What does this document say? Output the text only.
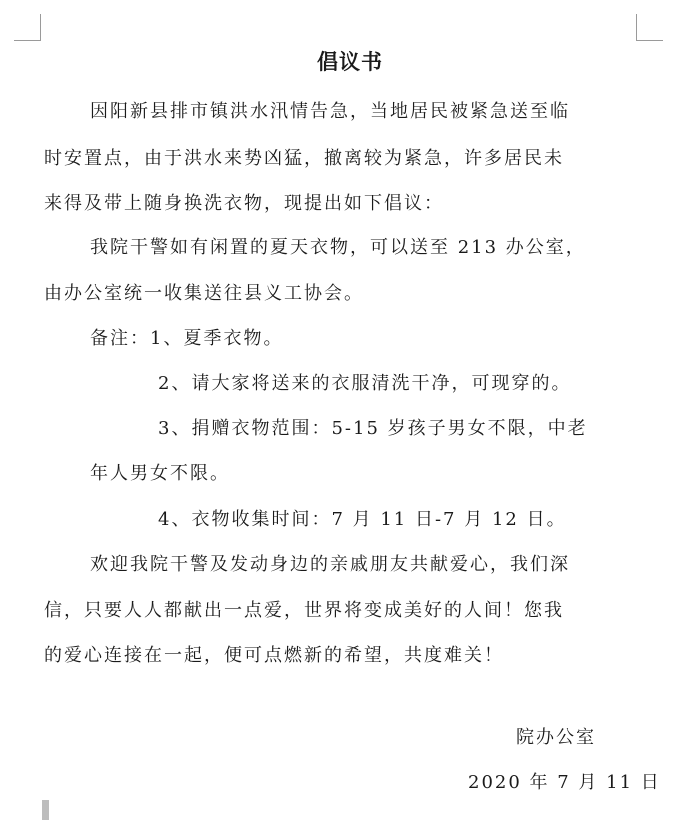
倡议书
因阳新县排市镇洪水汛情告急，当地居民被紧急送至临
时安置点，由于洪水来势凶猛，撤离较为紧急，许多居民未
来得及带上随身换洗衣物，现提出如下倡议：
我院干警如有闲置的夏天衣物，可以送至 213 办公室，
由办公室统一收集送往县义工协会。
备注：1、夏季衣物。
2、请大家将送来的衣服清洗干净，可现穿的。
3、捐赠衣物范围：5-15 岁孩子男女不限，中老
年人男女不限。
4、衣物收集时间：7 月 11 日-7 月 12 日。
欢迎我院干警及发动身边的亲戚朋友共献爱心，我们深
信，只要人人都献出一点爱，世界将变成美好的人间！您我
的爱心连接在一起，便可点燃新的希望，共度难关！
院办公室
2020 年 7 月 11 日
